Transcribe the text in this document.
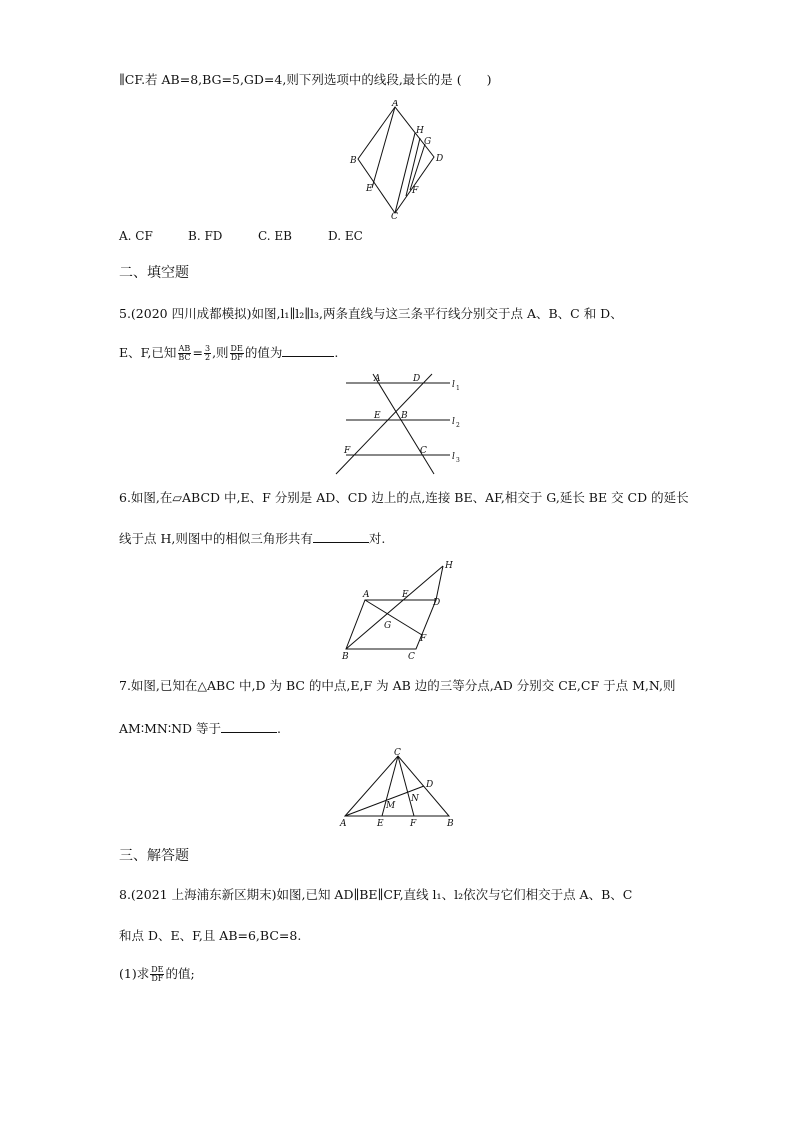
∥CF.若 AB=8,BG=5,GD=4,则下列选项中的线段,最长的是 (　　)
A
B
C
D
E	F
G
H
A. CF	B. FD	C. EB	D. EC
二、填空题
5.(2020 四川成都模拟)如图,l₁∥l₂∥l₃,两条直线与这三条平行线分别交于点 A、B、C 和 D、
E、F,已知 $\frac{AB}{BC} = \frac{3}{2}$ ,则 $\frac{DE}{DF}$ 的值为	.
A	D
l 1
E B
l 2
F	C
l 3
6.如图,在▱ABCD 中,E、F 分别是 AD、CD 边上的点,连接 BE、AF,相交于 G,延长 BE 交 CD 的延长
线于点 H,则图中的相似三角形共有	对.
H
A	E
D
G
F
B	C
7.如图,已知在△ABC 中,D 为 BC 的中点,E,F 为 AB 边的三等分点,AD 分别交 CE,CF 于点 M,N,则
AM∶MN∶ND 等于	.
C
D
M
N
A	E	F	B
三、解答题
8.(2021 上海浦东新区期末)如图,已知 AD∥BE∥CF,直线 l₁、l₂依次与它们相交于点 A、B、C
和点 D、E、F,且 AB=6,BC=8.
(1)求 $\frac{DE}{DF}$ 的值;
